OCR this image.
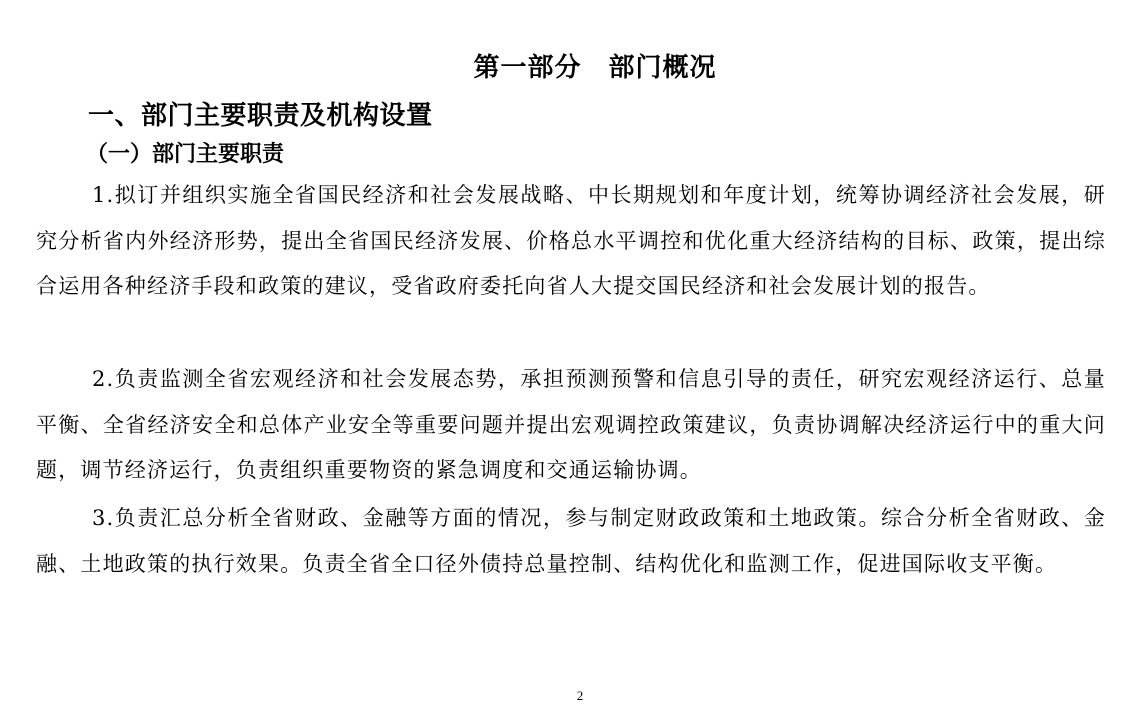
第一部分　部门概况
一、部门主要职责及机构设置
（一）部门主要职责

1.拟订并组织实施全省国民经济和社会发展战略、中长期规划和年度计划，统筹协调经济社会发展，研究分析省内外经济形势，提出全省国民经济发展、价格总水平调控和优化重大经济结构的目标、政策，提出综合运用各种经济手段和政策的建议，受省政府委托向省人大提交国民经济和社会发展计划的报告。

2.负责监测全省宏观经济和社会发展态势，承担预测预警和信息引导的责任，研究宏观经济运行、总量平衡、全省经济安全和总体产业安全等重要问题并提出宏观调控政策建议，负责协调解决经济运行中的重大问题，调节经济运行，负责组织重要物资的紧急调度和交通运输协调。

3.负责汇总分析全省财政、金融等方面的情况，参与制定财政政策和土地政策。综合分析全省财政、金融、土地政策的执行效果。负责全省全口径外债持总量控制、结构优化和监测工作，促进国际收支平衡。

2
